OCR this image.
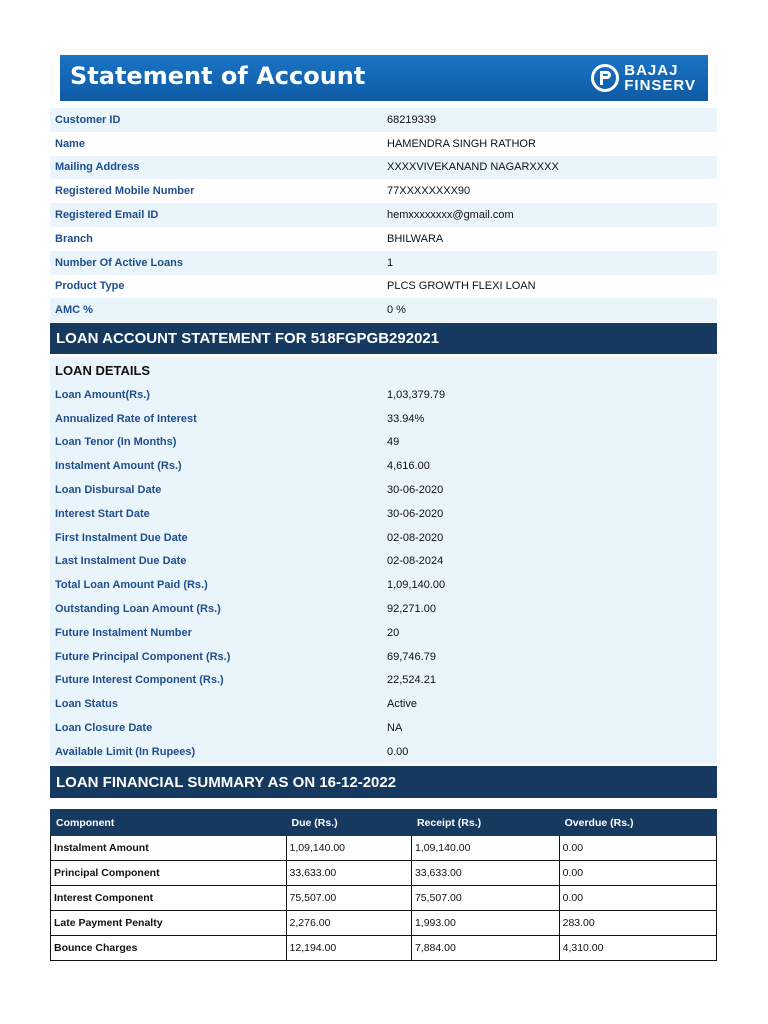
Statement of Account	BAJAJ
FINSERV
Customer ID	68219339
Name	HAMENDRA SINGH RATHOR
Mailing Address	XXXXVIVEKANAND NAGARXXXX
Registered Mobile Number	77XXXXXXXX90
Registered Email ID	hemxxxxxxxx@gmail.com
Branch	BHILWARA
Number Of Active Loans	1
Product Type	PLCS GROWTH FLEXI LOAN
AMC %	0 %
LOAN ACCOUNT STATEMENT FOR 518FGPGB292021
LOAN DETAILS
Loan Amount(Rs.)	1,03,379.79
Annualized Rate of Interest	33.94%
Loan Tenor (In Months)	49
Instalment Amount (Rs.)	4,616.00
Loan Disbursal Date	30-06-2020
Interest Start Date	30-06-2020
First Instalment Due Date	02-08-2020
Last Instalment Due Date	02-08-2024
Total Loan Amount Paid (Rs.)	1,09,140.00
Outstanding Loan Amount (Rs.)	92,271.00
Future Instalment Number	20
Future Principal Component (Rs.)	69,746.79
Future Interest Component (Rs.)	22,524.21
Loan Status	Active
Loan Closure Date	NA
Available Limit (In Rupees)	0.00
LOAN FINANCIAL SUMMARY AS ON 16-12-2022
Component	Due (Rs.)	Receipt (Rs.)	Overdue (Rs.)
Instalment Amount	1,09,140.00	1,09,140.00	0.00
Principal Component	33,633.00	33,633.00	0.00
Interest Component	75,507.00	75,507.00	0.00
Late Payment Penalty	2,276.00	1,993.00	283.00
Bounce Charges	12,194.00	7,884.00	4,310.00
